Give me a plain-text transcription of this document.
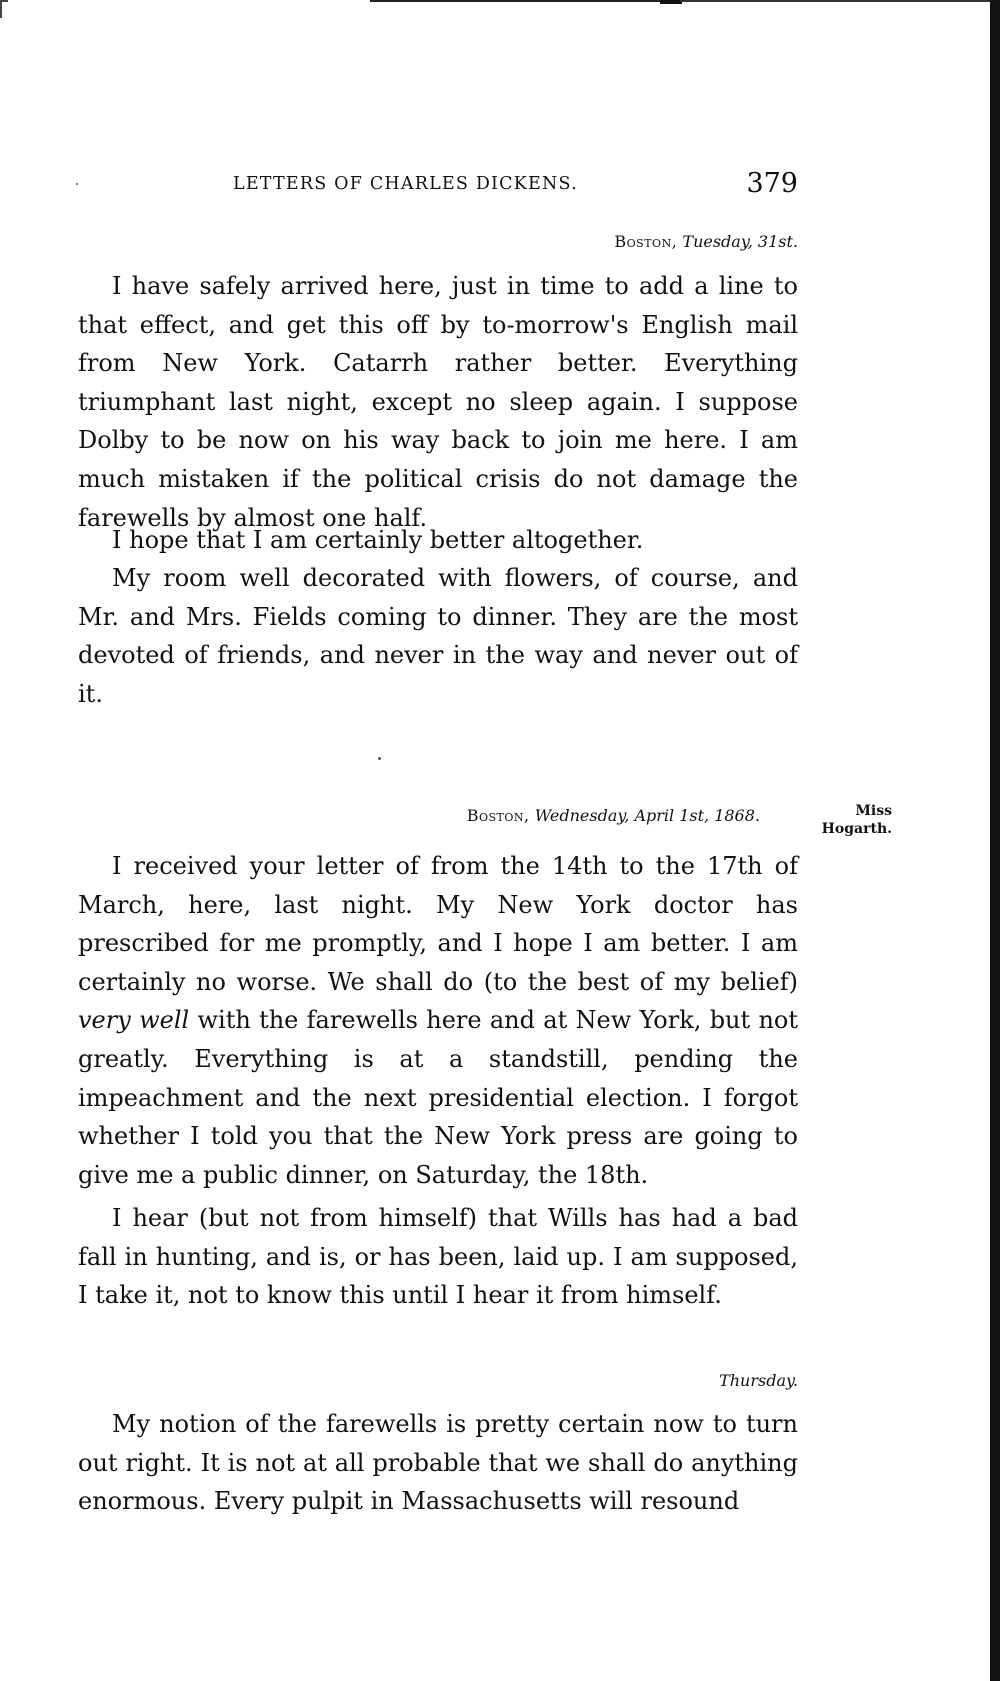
LETTERS OF CHARLES DICKENS.	379
Boston, Tuesday, 31st.

I have safely arrived here, just in time to add a line to that effect, and get this off by to-morrow's English mail from New York. Catarrh rather better. Everything triumphant last night, except no sleep again. I suppose Dolby to be now on his way back to join me here. I am much mistaken if the political crisis do not damage the farewells by almost one half.

I hope that I am certainly better altogether.

My room well decorated with flowers, of course, and Mr. and Mrs. Fields coming to dinner. They are the most devoted of friends, and never in the way and never out of it.

Boston, Wednesday, April 1st, 1868.	Miss
Hogarth.

I received your letter of from the 14th to the 17th of March, here, last night. My New York doctor has prescribed for me promptly, and I hope I am better. I am certainly no worse. We shall do (to the best of my belief) very well with the farewells here and at New York, but not greatly. Everything is at a standstill, pending the impeachment and the next presidential election. I forgot whether I told you that the New York press are going to give me a public dinner, on Saturday, the 18th.

I hear (but not from himself) that Wills has had a bad fall in hunting, and is, or has been, laid up. I am supposed, I take it, not to know this until I hear it from himself.

Thursday.

My notion of the farewells is pretty certain now to turn out right. It is not at all probable that we shall do anything enormous. Every pulpit in Massachusetts will resound
